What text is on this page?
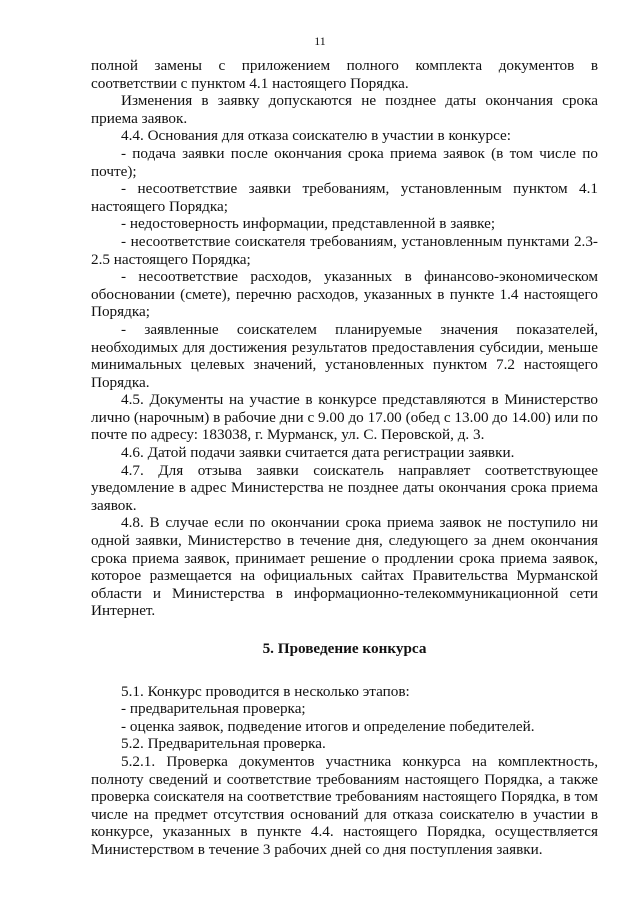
11

полной замены с приложением полного комплекта документов в соответствии с пунктом 4.1 настоящего Порядка.

Изменения в заявку допускаются не позднее даты окончания срока приема заявок.

4.4. Основания для отказа соискателю в участии в конкурсе:

- подача заявки после окончания срока приема заявок (в том числе по почте);

- несоответствие заявки требованиям, установленным пунктом 4.1 настоящего Порядка;

- недостоверность информации, представленной в заявке;

- несоответствие соискателя требованиям, установленным пунктами 2.3-2.5 настоящего Порядка;

- несоответствие расходов, указанных в финансово-экономическом обосновании (смете), перечню расходов, указанных в пункте 1.4 настоящего Порядка;

- заявленные соискателем планируемые значения показателей, необходимых для достижения результатов предоставления субсидии, меньше минимальных целевых значений, установленных пунктом 7.2 настоящего Порядка.

4.5. Документы на участие в конкурсе представляются в Министерство лично (нарочным) в рабочие дни с 9.00 до 17.00 (обед с 13.00 до 14.00) или по почте по адресу: 183038, г. Мурманск, ул. С. Перовской, д. 3.

4.6. Датой подачи заявки считается дата регистрации заявки.

4.7. Для отзыва заявки соискатель направляет соответствующее уведомление в адрес Министерства не позднее даты окончания срока приема заявок.

4.8. В случае если по окончании срока приема заявок не поступило ни одной заявки, Министерство в течение дня, следующего за днем окончания срока приема заявок, принимает решение о продлении срока приема заявок, которое размещается на официальных сайтах Правительства Мурманской области и Министерства в информационно-телекоммуникационной сети Интернет.

5. Проведение конкурса

5.1. Конкурс проводится в несколько этапов:

- предварительная проверка;

- оценка заявок, подведение итогов и определение победителей.

5.2. Предварительная проверка.

5.2.1. Проверка документов участника конкурса на комплектность, полноту сведений и соответствие требованиям настоящего Порядка, а также проверка соискателя на соответствие требованиям настоящего Порядка, в том числе на предмет отсутствия оснований для отказа соискателю в участии в конкурсе, указанных в пункте 4.4. настоящего Порядка, осуществляется Министерством в течение 3 рабочих дней со дня поступления заявки.
